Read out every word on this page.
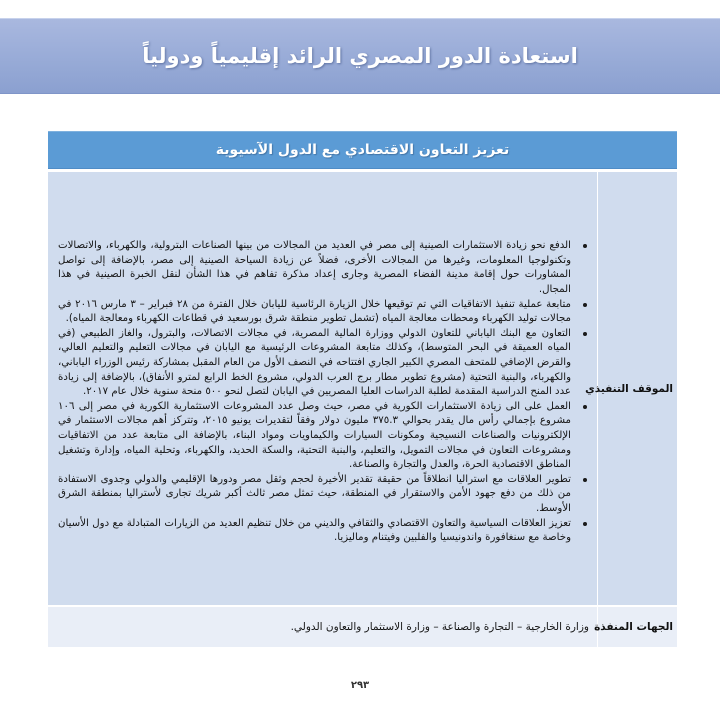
استعادة الدور المصري الرائد إقليمياً ودولياً
تعزيز التعاون الاقتصادي مع الدول الآسيوية
الموقف التنفيذي
الدفع نحو زيادة الاستثمارات الصينية إلى مصر في العديد من المجالات من بينها الصناعات البترولية، والكهرباء، والاتصالات وتكنولوجيا المعلومات، وغيرها من المجالات الأخرى، فضلاً عن زيادة السياحة الصينية إلى مصر، بالإضافة إلى تواصل المشاورات حول إقامة مدينة الفضاء المصرية وجارى إعداد مذكرة تفاهم في هذا الشأن لنقل الخبرة الصينية في هذا المجال.
متابعة عملية تنفيذ الاتفاقيات التي تم توقيعها خلال الزيارة الرئاسية لليابان خلال الفترة من ٢٨ فبراير – ٣ مارس ٢٠١٦ في مجالات توليد الكهرباء ومحطات معالجة المياه (تشمل تطوير منطقة شرق بورسعيد في قطاعات الكهرباء ومعالجة المياه).
التعاون مع البنك الياباني للتعاون الدولي ووزارة المالية المصرية، في مجالات الاتصالات، والبترول، والغاز الطبيعي (في المياه العميقة في البحر المتوسط)، وكذلك متابعة المشروعات الرئيسية مع اليابان في مجالات التعليم والتعليم العالي، والقرض الإضافي للمتحف المصري الكبير الجاري افتتاحه في النصف الأول من العام المقبل بمشاركة رئيس الوزراء الياباني، والكهرباء، والبنية التحتية (مشروع تطوير مطار برج العرب الدولي، مشروع الخط الرابع لمترو الأنفاق)، بالإضافة إلى زيادة عدد المنح الدراسية المقدمة لطلبة الدراسات العليا المصريين في اليابان لتصل لنحو ٥٠٠ منحة سنوية خلال عام ٢٠١٧.
العمل على الى زيادة الاستثمارات الكورية في مصر، حيث وصل عدد المشروعات الاستثمارية الكورية في مصر إلى ١٠٦ مشروع بإجمالي رأس مال يقدر بحوالي ٣٧٥.٣ مليون دولار وفقاً لتقديرات يونيو ٢٠١٥، وتتركز أهم مجالات الاستثمار في الإلكترونيات والصناعات النسيجية ومكونات السيارات والكيماويات ومواد البناء، بالإضافة الى متابعة عدد من الاتفاقيات ومشروعات التعاون في مجالات التمويل، والتعليم، والبنية التحتية، والسكة الحديد، والكهرباء، وتحلية المياه، وإدارة وتشغيل المناطق الاقتصادية الحرة، والعدل والتجارة والصناعة.
تطوير العلاقات مع استراليا انطلاقاً من حقيقة تقدير الأخيرة لحجم وثقل مصر ودورها الإقليمي والدولي وجدوى الاستفادة من ذلك من دفع جهود الأمن والاستقرار في المنطقة، حيث تمثل مصر ثالث أكبر شريك تجارى لأستراليا بمنطقة الشرق الأوسط.
تعزيز العلاقات السياسية والتعاون الاقتصادي والثقافي والديني من خلال تنظيم العديد من الزيارات المتبادلة مع دول الأسيان وخاصة مع سنغافورة واندونيسيا والفلبين وفيتنام وماليزيا.
الجهات المنفذة
وزارة الخارجية – التجارة والصناعة – وزارة الاستثمار والتعاون الدولي.
٢٩٣
